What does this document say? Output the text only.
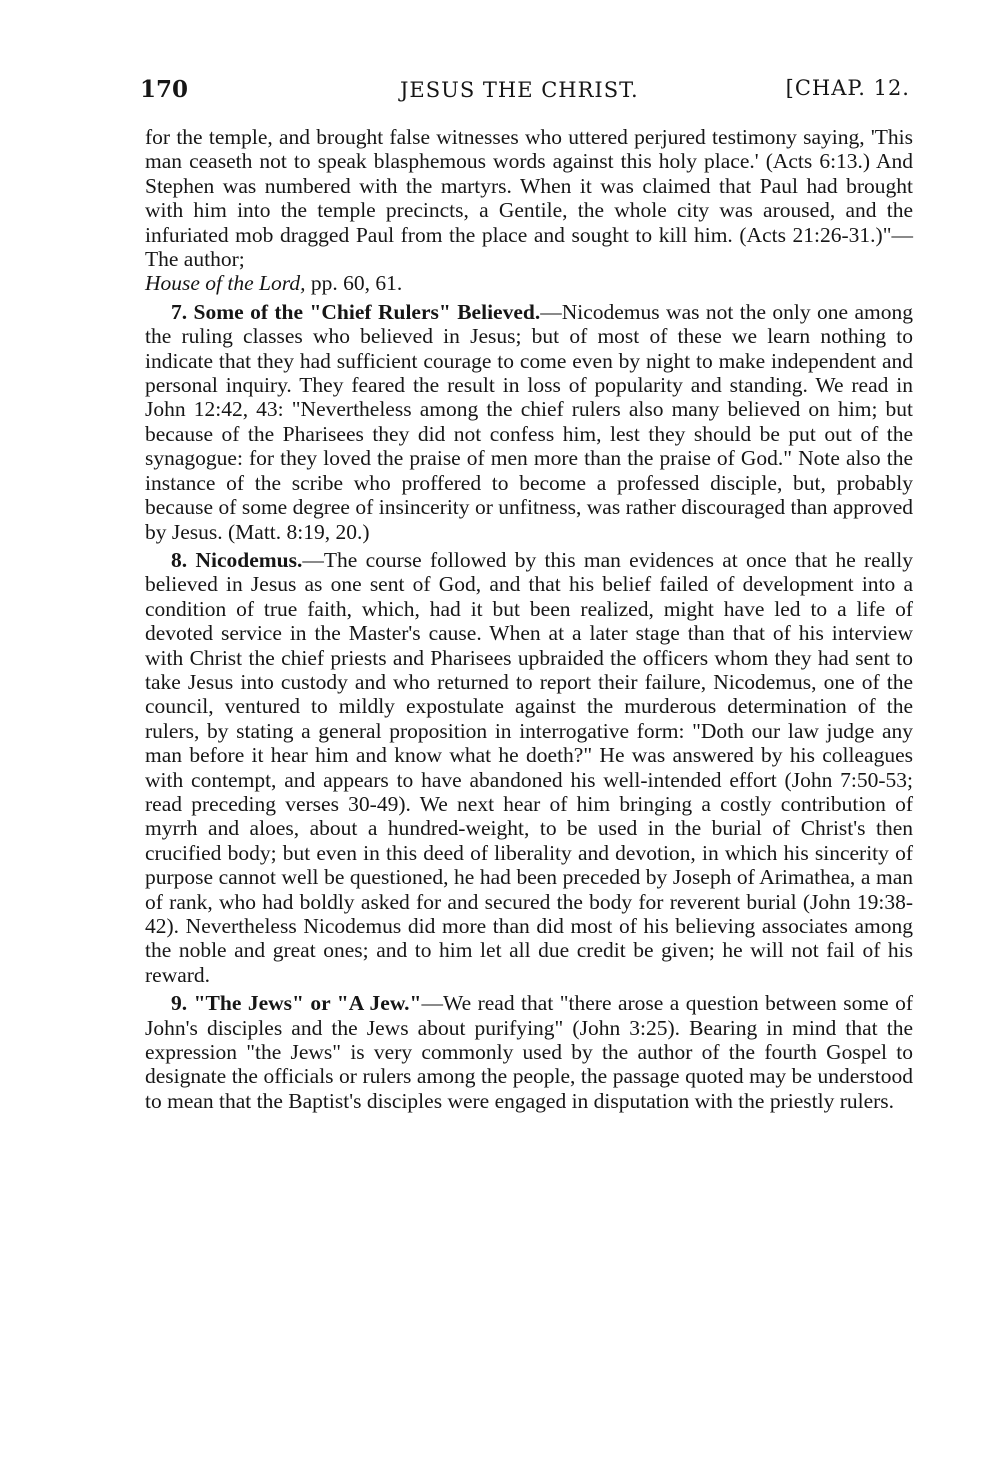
170	JESUS THE CHRIST.	[CHAP. 12.

for the temple, and brought false witnesses who uttered perjured testimony saying, 'This man ceaseth not to speak blasphemous words against this holy place.' (Acts 6:13.) And Stephen was numbered with the martyrs. When it was claimed that Paul had brought with him into the temple precincts, a Gentile, the whole city was aroused, and the infuriated mob dragged Paul from the place and sought to kill him. (Acts 21:26-31.)"—The author;
House of the Lord, pp. 60, 61.

7. Some of the "Chief Rulers" Believed.—Nicodemus was not the only one among the ruling classes who believed in Jesus; but of most of these we learn nothing to indicate that they had sufficient courage to come even by night to make independent and personal inquiry. They feared the result in loss of popularity and standing. We read in John 12:42, 43: "Nevertheless among the chief rulers also many believed on him; but because of the Pharisees they did not confess him, lest they should be put out of the synagogue: for they loved the praise of men more than the praise of God." Note also the instance of the scribe who proffered to become a professed disciple, but, probably because of some degree of insincerity or unfitness, was rather discouraged than approved by Jesus. (Matt. 8:19, 20.)

8. Nicodemus.—The course followed by this man evidences at once that he really believed in Jesus as one sent of God, and that his belief failed of development into a condition of true faith, which, had it but been realized, might have led to a life of devoted service in the Master's cause. When at a later stage than that of his interview with Christ the chief priests and Pharisees upbraided the officers whom they had sent to take Jesus into custody and who returned to report their failure, Nicodemus, one of the council, ventured to mildly expostulate against the murderous determination of the rulers, by stating a general proposition in interrogative form: "Doth our law judge any man before it hear him and know what he doeth?" He was answered by his colleagues with contempt, and appears to have abandoned his well-intended effort (John 7:50-53; read preceding verses 30-49). We next hear of him bringing a costly contribution of myrrh and aloes, about a hundred-weight, to be used in the burial of Christ's then crucified body; but even in this deed of liberality and devotion, in which his sincerity of purpose cannot well be questioned, he had been preceded by Joseph of Arimathea, a man of rank, who had boldly asked for and secured the body for reverent burial (John 19:38-42). Nevertheless Nicodemus did more than did most of his believing associates among the noble and great ones; and to him let all due credit be given; he will not fail of his reward.

9. "The Jews" or "A Jew."—We read that "there arose a question between some of John's disciples and the Jews about purifying" (John 3:25). Bearing in mind that the expression "the Jews" is very commonly used by the author of the fourth Gospel to designate the officials or rulers among the people, the passage quoted may be understood to mean that the Baptist's disciples were engaged in disputation with the priestly rulers.
